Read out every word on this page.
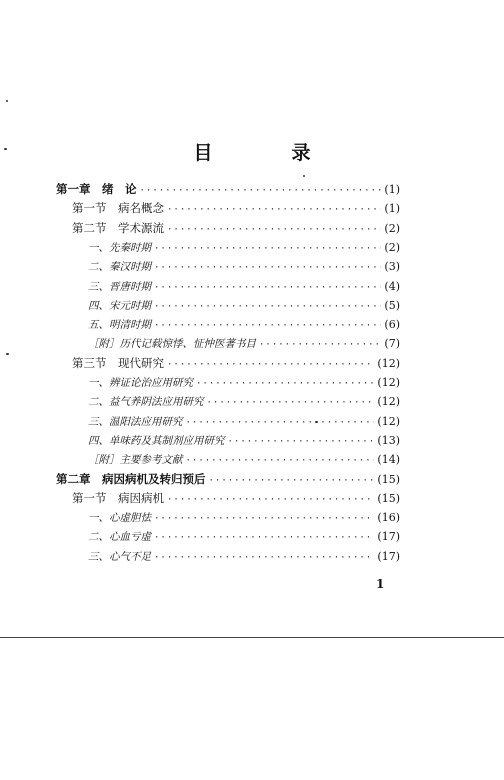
目　录
第一章　绪　论 ·····	(1)
第一节　病名概念 ·····	(1)
第二节　学术源流 ·····	(2)
一、先秦时期 ·····	(2)
二、秦汉时期 ·····	(3)
三、晋唐时期 ·····	(4)
四、宋元时期 ·····	(5)
五、明清时期 ·····	(6)
［附］历代记载惊悸、怔忡医著书目 ·····	(7)
第三节　现代研究 ·····	(12)
一、辨证论治应用研究 ·····	(12)
二、益气养阴法应用研究 ·····	(12)
三、温阳法应用研究 ·····	(12)
四、单味药及其制剂应用研究 ·····	(13)
［附］主要参考文献 ·····	(14)
第二章　病因病机及转归预后 ·····	(15)
第一节　病因病机 ·····	(15)
一、心虚胆怯 ·····	(16)
二、心血亏虚 ·····	(17)
三、心气不足 ·····	(17)
1
